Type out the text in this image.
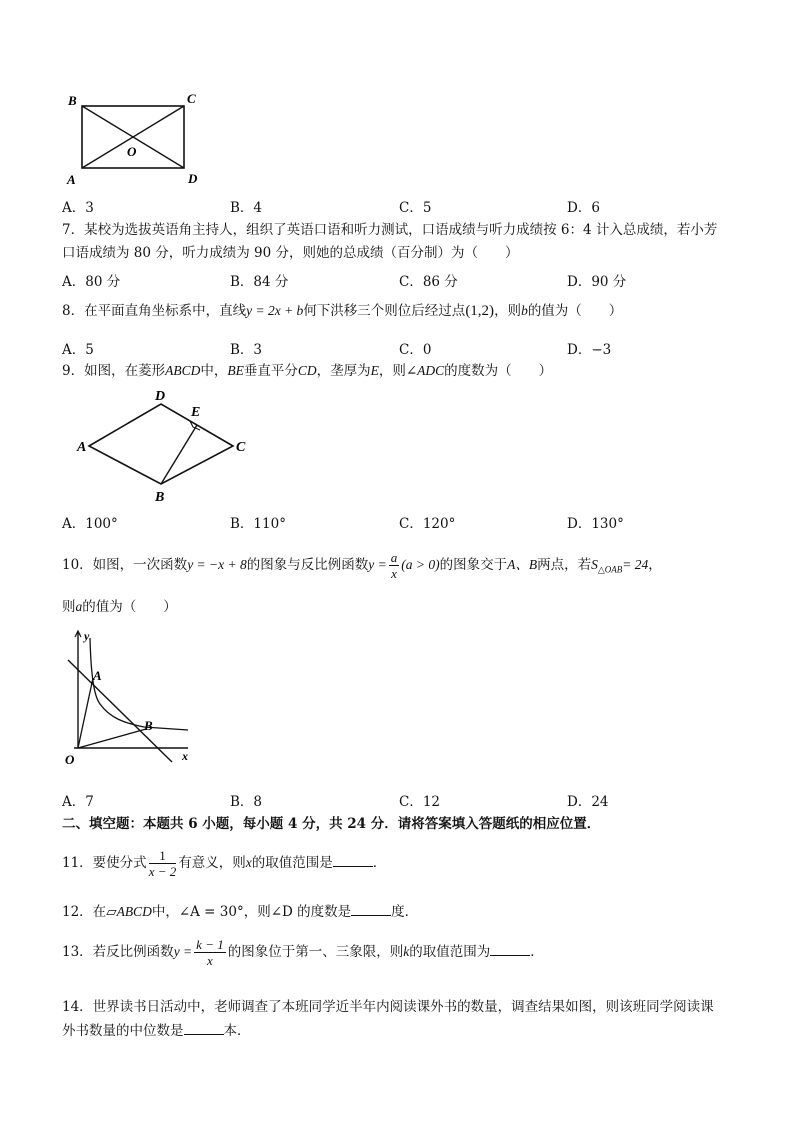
B	C
O
A	D
A．3	B．4	C．5	D．6
7．某校为选拔英语角主持人，组织了英语口语和听力测试，口语成绩与听力成绩按 6：4 计入总成绩，若小芳
口语成绩为 80 分，听力成绩为 90 分，则她的总成绩（百分制）为（　　）
A．80 分	B．84 分	C．86 分	D．90 分
8．在平面直角坐标系中，直线y = 2x + b何下洪移三个则位后经过点(1,2)，则b的值为（　　）
A．5	B．3	C．0	D．−3
9．如图，在菱形ABCD中，BE垂直平分CD，垄厚为E，则∠ADC的度数为（　　）
D
E
A	C
B
A．100°	B．110°	C．120°	D．130°
10．如图，一次函数y = −x + 8的图象与反比例函数$y = \frac{a}{x} (a > 0)$的图象交于A、B两点，若$S_{\triangle OAB}= 24$，
则a的值为（　　）
y
A
B
O	x
A．7	B．8	C．12	D．24
二、填空题：本题共 6 小题，每小题 4 分，共 24 分．请将答案填入答题纸的相应位置．
11．要使分式 $\frac{1}{x - 2}$ 有意义，则x的取值范围是	．
12．在▱ABCD中，∠A = 30°，则∠D 的度数是	度．
13．若反比例函数$y = \frac{k - 1}{x}$ 的图象位于第一、三象限，则k的取值范围为	．
14．世界读书日活动中，老师调查了本班同学近半年内阅读课外书的数量，调查结果如图，则该班同学阅读课
外书数量的中位数是	本．
